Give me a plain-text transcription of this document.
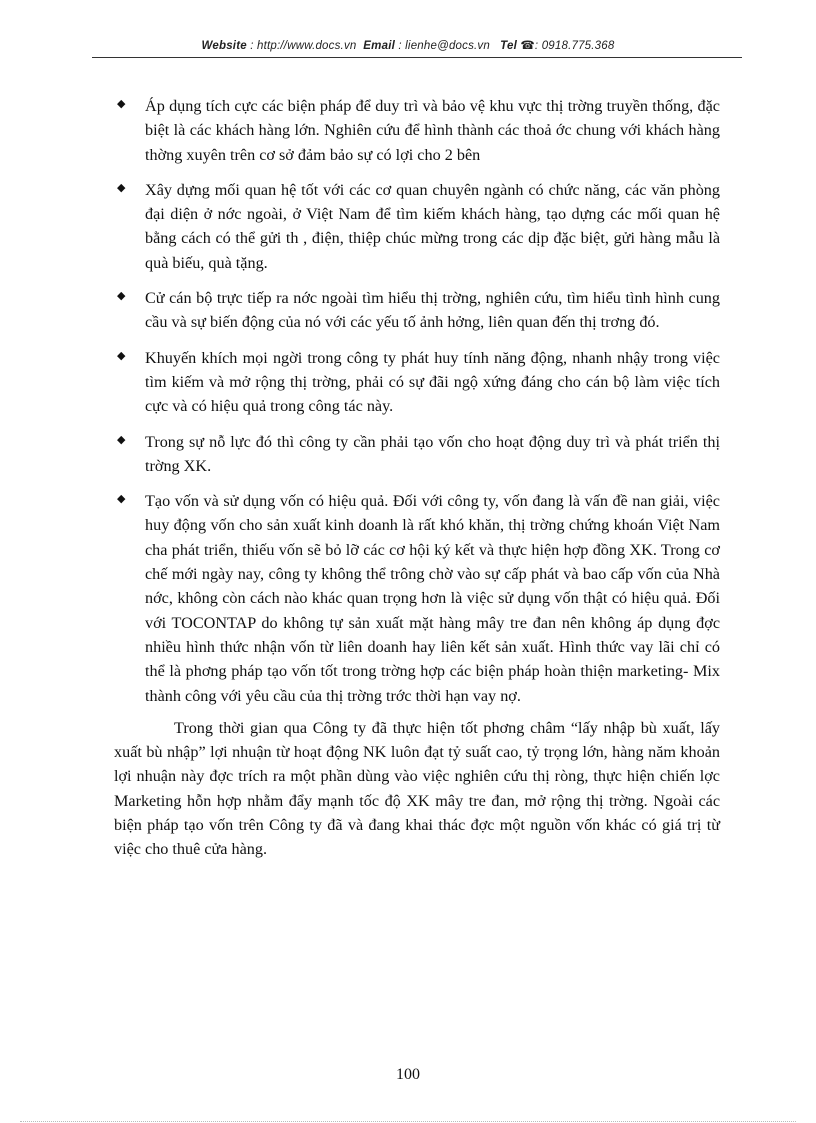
Website : http://www.docs.vn Email : lienhe@docs.vn Tel ☎: 0918.775.368
◆ Áp dụng tích cực các biện pháp để duy trì và bảo vệ khu vực thị trờng truyền thống, đặc biệt là các khách hàng lớn. Nghiên cứu để hình thành các thoả ớc chung với khách hàng thờng xuyên trên cơ sở đảm bảo sự có lợi cho 2 bên
◆ Xây dựng mối quan hệ tốt với các cơ quan chuyên ngành có chức năng, các văn phòng đại diện ở nớc ngoài, ở Việt Nam để tìm kiếm khách hàng, tạo dựng các mối quan hệ bằng cách có thể gửi th , điện, thiệp chúc mừng trong các dịp đặc biệt, gửi hàng mẫu là quà biếu, quà tặng.
◆ Cử cán bộ trực tiếp ra nớc ngoài tìm hiểu thị trờng, nghiên cứu, tìm hiểu tình hình cung cầu và sự biến động của nó với các yếu tố ảnh hởng, liên quan đến thị trơng đó.
◆ Khuyến khích mọi ngời trong công ty phát huy tính năng động, nhanh nhậy trong việc tìm kiếm và mở rộng thị trờng, phải có sự đãi ngộ xứng đáng cho cán bộ làm việc tích cực và có hiệu quả trong công tác này.
◆ Trong sự nỗ lực đó thì công ty cần phải tạo vốn cho hoạt động duy trì và phát triển thị trờng XK.
◆ Tạo vốn và sử dụng vốn có hiệu quả. Đối với công ty, vốn đang là vấn đề nan giải, việc huy động vốn cho sản xuất kinh doanh là rất khó khăn, thị trờng chứng khoán Việt Nam cha phát triển, thiếu vốn sẽ bỏ lỡ các cơ hội ký kết và thực hiện hợp đồng XK. Trong cơ chế mới ngày nay, công ty không thể trông chờ vào sự cấp phát và bao cấp vốn của Nhà nớc, không còn cách nào khác quan trọng hơn là việc sử dụng vốn thật có hiệu quả. Đối với TOCONTAP do không tự sản xuất mặt hàng mây tre đan nên không áp dụng đợc nhiều hình thức nhận vốn từ liên doanh hay liên kết sản xuất. Hình thức vay lãi chỉ có thể là phơng pháp tạo vốn tốt trong trờng hợp các biện pháp hoàn thiện marketing- Mix thành công với yêu cầu của thị trờng trớc thời hạn vay nợ.

Trong thời gian qua Công ty đã thực hiện tốt phơng châm “lấy nhập bù xuất, lấy xuất bù nhập” lợi nhuận từ hoạt động NK luôn đạt tỷ suất cao, tỷ trọng lớn, hàng năm khoản lợi nhuận này đợc trích ra một phần dùng vào việc nghiên cứu thị ròng, thực hiện chiến lợc Marketing hỗn hợp nhằm đẩy mạnh tốc độ XK mây tre đan, mở rộng thị trờng. Ngoài các biện pháp tạo vốn trên Công ty đã và đang khai thác đợc một nguồn vốn khác có giá trị từ việc cho thuê cửa hàng.

100
